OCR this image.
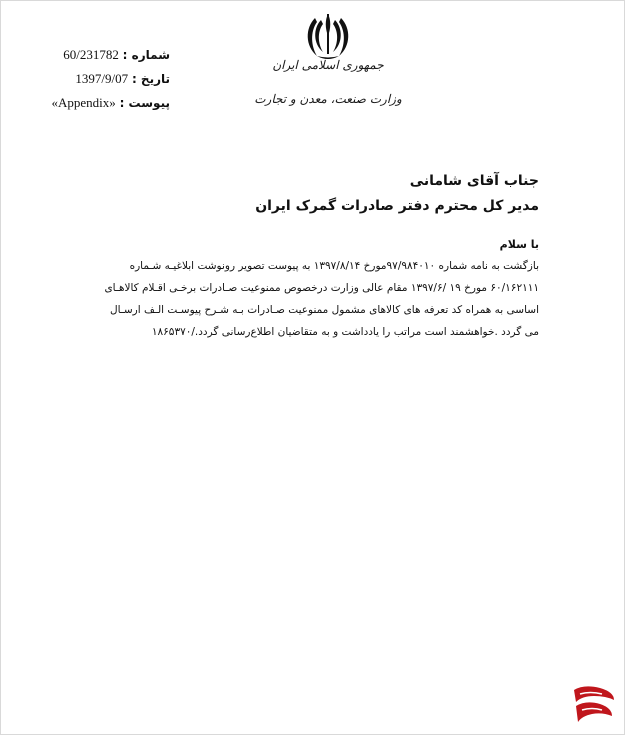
جمهوری اسلامی ایران
وزارت صنعت، معدن و تجارت
شماره : 60/231782
تاریخ : 1397/9/07
پیوست : «Appendix»
جناب آقای شامانی
مدیر کل محترم دفتر صادرات گمرک ایران
با سلام
بازگشت به نامه شماره ۹۷/۹۸۴۰۱۰مورخ ۱۳۹۷/۸/۱۴ به پیوست تصویر رونوشت ابلاغیـه شـماره
۶۰/۱۶۲۱۱۱ مورخ ۱۹ /۱۳۹۷/۶ مقام عالی وزارت درخصوص ممنوعیت صـادرات برخـی اقـلام کالاهـای
اساسی به همراه کد تعرفه های کالاهای مشمول ممنوعیت صـادرات بـه شـرح پیوسـت الـف ارسـال
می گردد .خواهشمند است مراتب را یادداشت و به متقاضیان اطلاع‌رسانی گردد./۱۸۶۵۳۷۰
